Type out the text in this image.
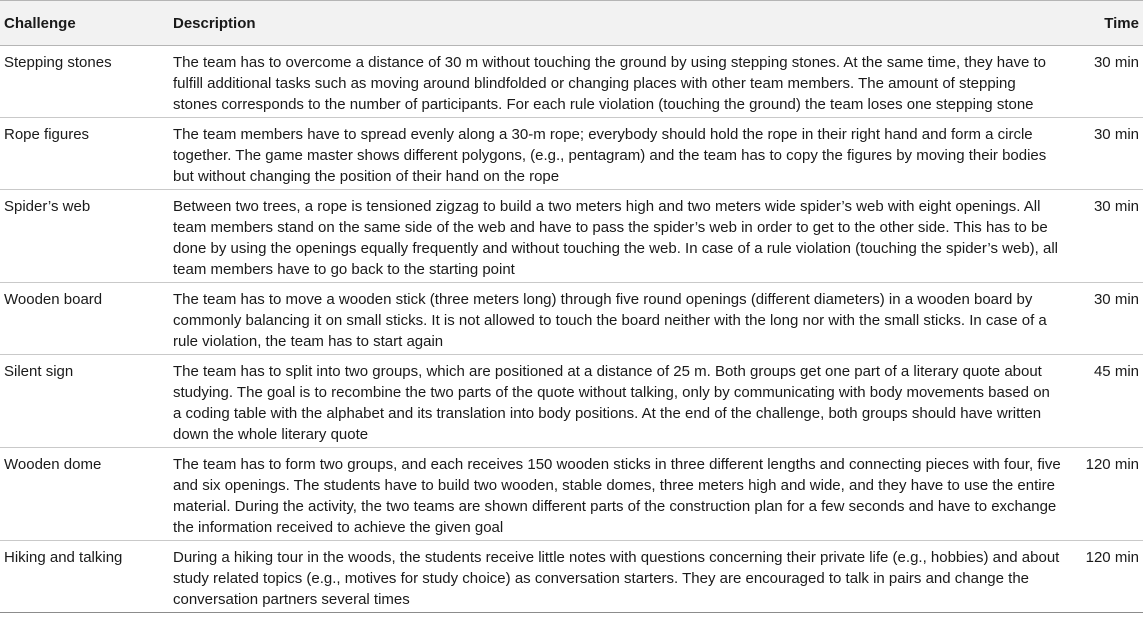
Challenge	Description	Time
Stepping stones	The team has to overcome a distance of 30 m without touching the ground by using stepping stones. At the same time, they have to fulfill additional tasks such as moving around blindfolded or changing places with other team members. The amount of stepping stones corresponds to the number of participants. For each rule violation (touching the ground) the team loses one stepping stone	30 min
Rope figures	The team members have to spread evenly along a 30-m rope; everybody should hold the rope in their right hand and form a circle together. The game master shows different polygons, (e.g., pentagram) and the team has to copy the figures by moving their bodies but without changing the position of their hand on the rope	30 min
Spider’s web	Between two trees, a rope is tensioned zigzag to build a two meters high and two meters wide spider’s web with eight openings. All team members stand on the same side of the web and have to pass the spider’s web in order to get to the other side. This has to be done by using the openings equally frequently and without touching the web. In case of a rule violation (touching the spider’s web), all team members have to go back to the starting point	30 min
Wooden board	The team has to move a wooden stick (three meters long) through five round openings (different diameters) in a wooden board by commonly balancing it on small sticks. It is not allowed to touch the board neither with the long nor with the small sticks. In case of a rule violation, the team has to start again	30 min
Silent sign	The team has to split into two groups, which are positioned at a distance of 25 m. Both groups get one part of a literary quote about studying. The goal is to recombine the two parts of the quote without talking, only by communicating with body movements based on a coding table with the alphabet and its translation into body positions. At the end of the challenge, both groups should have written down the whole literary quote	45 min
Wooden dome	The team has to form two groups, and each receives 150 wooden sticks in three different lengths and connecting pieces with four, five and six openings. The students have to build two wooden, stable domes, three meters high and wide, and they have to use the entire material. During the activity, the two teams are shown different parts of the construction plan for a few seconds and have to exchange the information received to achieve the given goal	120 min
Hiking and talking	During a hiking tour in the woods, the students receive little notes with questions concerning their private life (e.g., hobbies) and about study related topics (e.g., motives for study choice) as conversation starters. They are encouraged to talk in pairs and change the conversation partners several times	120 min
